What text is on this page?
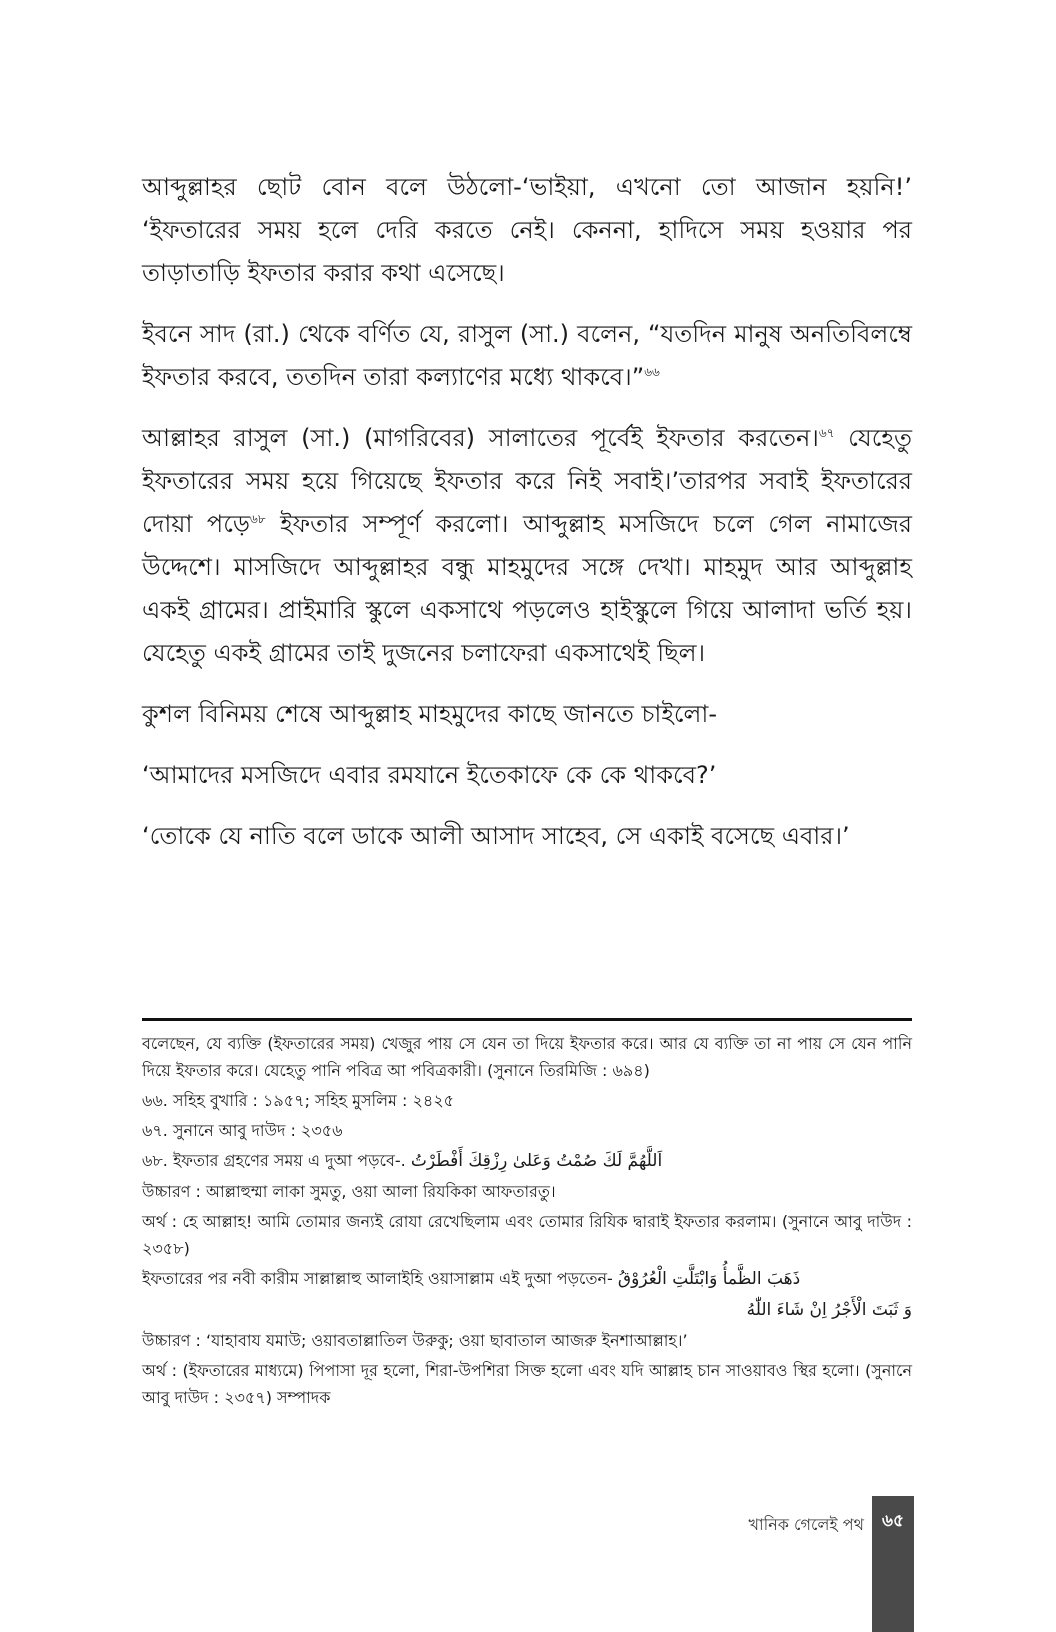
আব্দুল্লাহর ছোট বোন বলে উঠলো-‘ভাইয়া, এখনো তো আজান হয়নি!’ ‘ইফতারের সময় হলে দেরি করতে নেই। কেননা, হাদিসে সময় হওয়ার পর তাড়াতাড়ি ইফতার করার কথা এসেছে।

ইবনে সাদ (রা.) থেকে বর্ণিত যে, রাসুল (সা.) বলেন, “যতদিন মানুষ অনতিবিলম্বে ইফতার করবে, ততদিন তারা কল্যাণের মধ্যে থাকবে।”$^{৬৬}$

আল্লাহর রাসুল (সা.) (মাগরিবের) সালাতের পূর্বেই ইফতার করতেন।$^{৬৭}$ যেহেতু ইফতারের সময় হয়ে গিয়েছে ইফতার করে নিই সবাই।’তারপর সবাই ইফতারের দোয়া পড়ে$^{৬৮}$ ইফতার সম্পূর্ণ করলো। আব্দুল্লাহ মসজিদে চলে গেল নামাজের উদ্দেশে। মাসজিদে আব্দুল্লাহর বন্ধু মাহমুদের সঙ্গে দেখা। মাহমুদ আর আব্দুল্লাহ একই গ্রামের। প্রাইমারি স্কুলে একসাথে পড়লেও হাইস্কুলে গিয়ে আলাদা ভর্তি হয়। যেহেতু একই গ্রামের তাই দুজনের চলাফেরা একসাথেই ছিল।

কুশল বিনিময় শেষে আব্দুল্লাহ মাহমুদের কাছে জানতে চাইলো-

‘আমাদের মসজিদে এবার রমযানে ইতেকাফে কে কে থাকবে?’

‘তোকে যে নাতি বলে ডাকে আলী আসাদ সাহেব, সে একাই বসেছে এবার।’

বলেছেন, যে ব্যক্তি (ইফতারের সময়) খেজুর পায় সে যেন তা দিয়ে ইফতার করে। আর যে ব্যক্তি তা না পায় সে যেন পানি দিয়ে ইফতার করে। যেহেতু পানি পবিত্র আ পবিত্রকারী। (সুনানে তিরমিজি : ৬৯৪)

৬৬. সহিহ বুখারি : ১৯৫৭; সহিহ মুসলিম : ২৪২৫

৬৭. সুনানে আবু দাউদ : ২৩৫৬

৬৮. ইফতার গ্রহণের সময় এ দুআ পড়বে-. اَللَّهُمَّ لَكَ صُمْتُ وَعَلىٰ رِزْقِكَ أَفْطَرْتُ

উচ্চারণ : আল্লাহুম্মা লাকা সুমতু, ওয়া আলা রিযকিকা আফতারতু।

অর্থ : হে আল্লাহ! আমি তোমার জন্যই রোযা রেখেছিলাম এবং তোমার রিযিক দ্বারাই ইফতার করলাম। (সুনানে আবু দাউদ : ২৩৫৮)

ইফতারের পর নবী কারীম সাল্লাল্লাহু আলাইহি ওয়াসাল্লাম এই দুআ পড়তেন- ذَهَبَ الظَّمأُ وَابْتَلَّتِ الْعُرُوْقُ

وَ ثَبَتَ الْأَجْرُ اِنْ شَاءَ اللّٰهُ

উচ্চারণ : ‘যাহাবায যমাউ; ওয়াবতাল্লাতিল উরুকু; ওয়া ছাবাতাল আজরু ইনশাআল্লাহ।’

অর্থ : (ইফতারের মাধ্যমে) পিপাসা দূর হলো, শিরা-উপশিরা সিক্ত হলো এবং যদি আল্লাহ চান সাওয়াবও স্থির হলো। (সুনানে আবু দাউদ : ২৩৫৭) সম্পাদক

খানিক গেলেই পথ	৬৫
